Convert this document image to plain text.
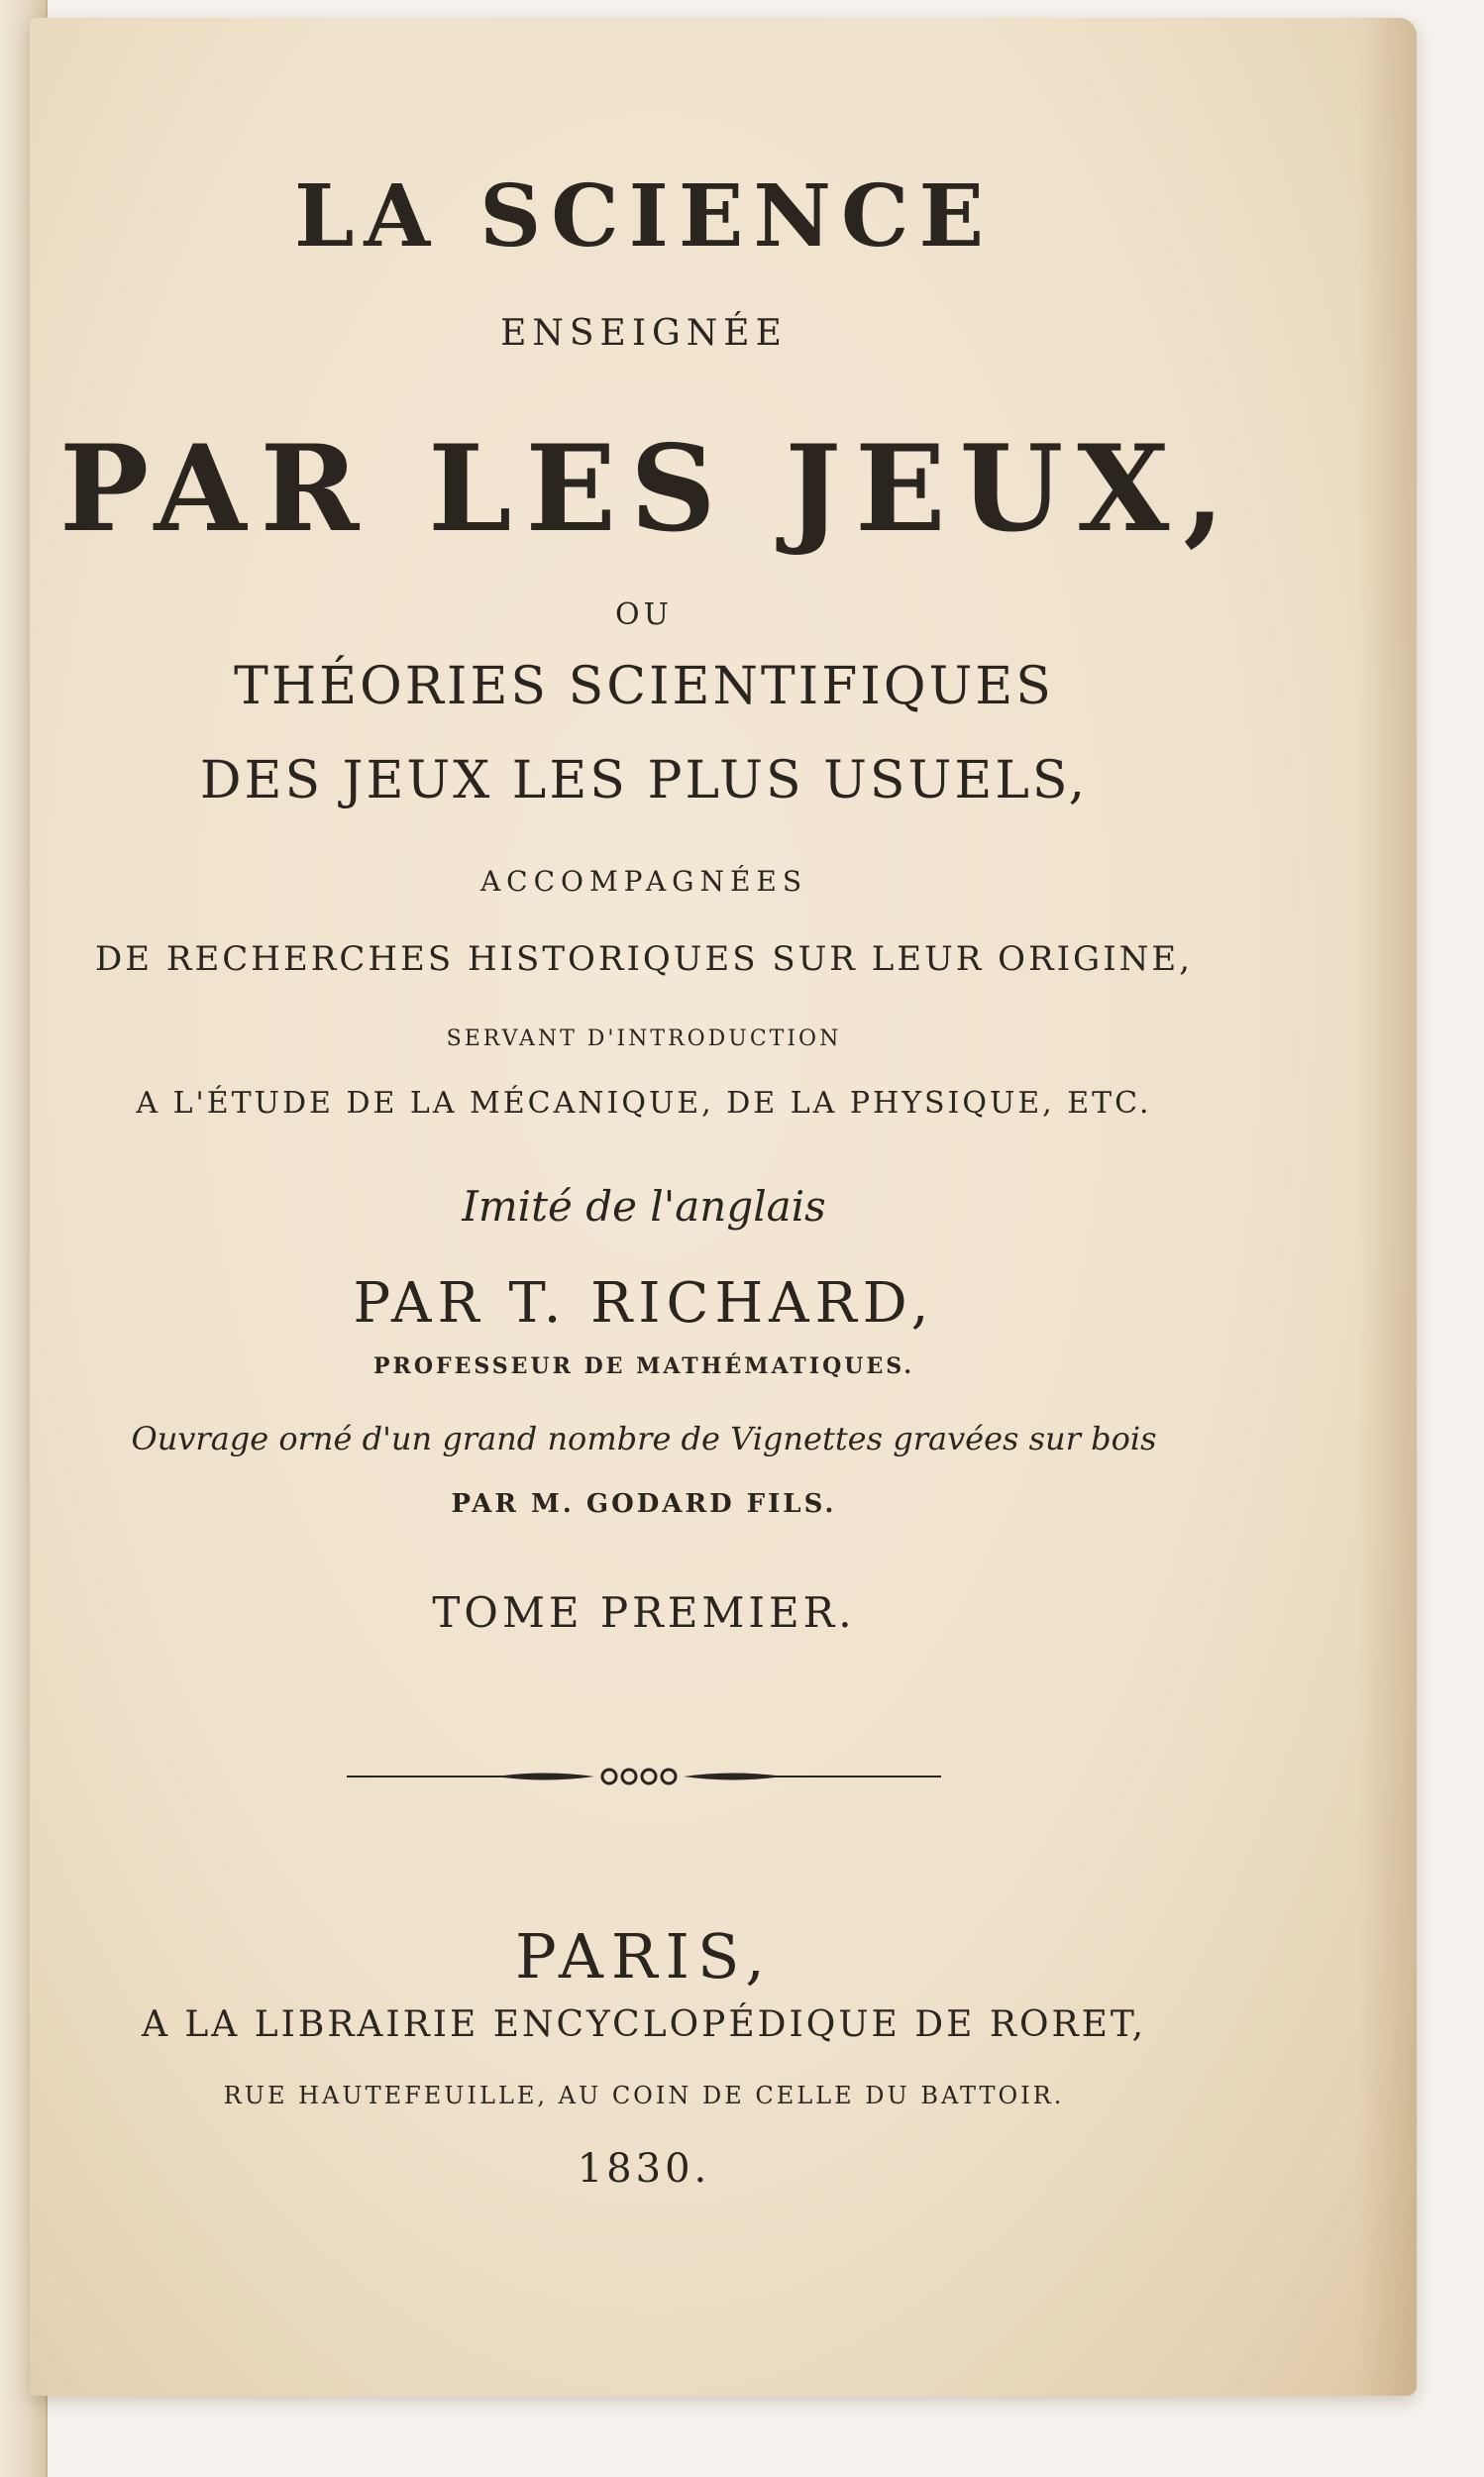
LA SCIENCE

ENSEIGNÉE

PAR LES JEUX,

OU

THÉORIES SCIENTIFIQUES

DES JEUX LES PLUS USUELS,

ACCOMPAGNÉES

DE RECHERCHES HISTORIQUES SUR LEUR ORIGINE,

SERVANT D'INTRODUCTION

A L'ÉTUDE DE LA MÉCANIQUE, DE LA PHYSIQUE, ETC.

Imité de l'anglais

PAR T. RICHARD,

PROFESSEUR DE MATHÉMATIQUES.

Ouvrage orné d'un grand nombre de Vignettes gravées sur bois

PAR M. GODARD FILS.

TOME PREMIER.

PARIS,

A LA LIBRAIRIE ENCYCLOPÉDIQUE DE RORET,

RUE HAUTEFEUILLE, AU COIN DE CELLE DU BATTOIR.

1830.
